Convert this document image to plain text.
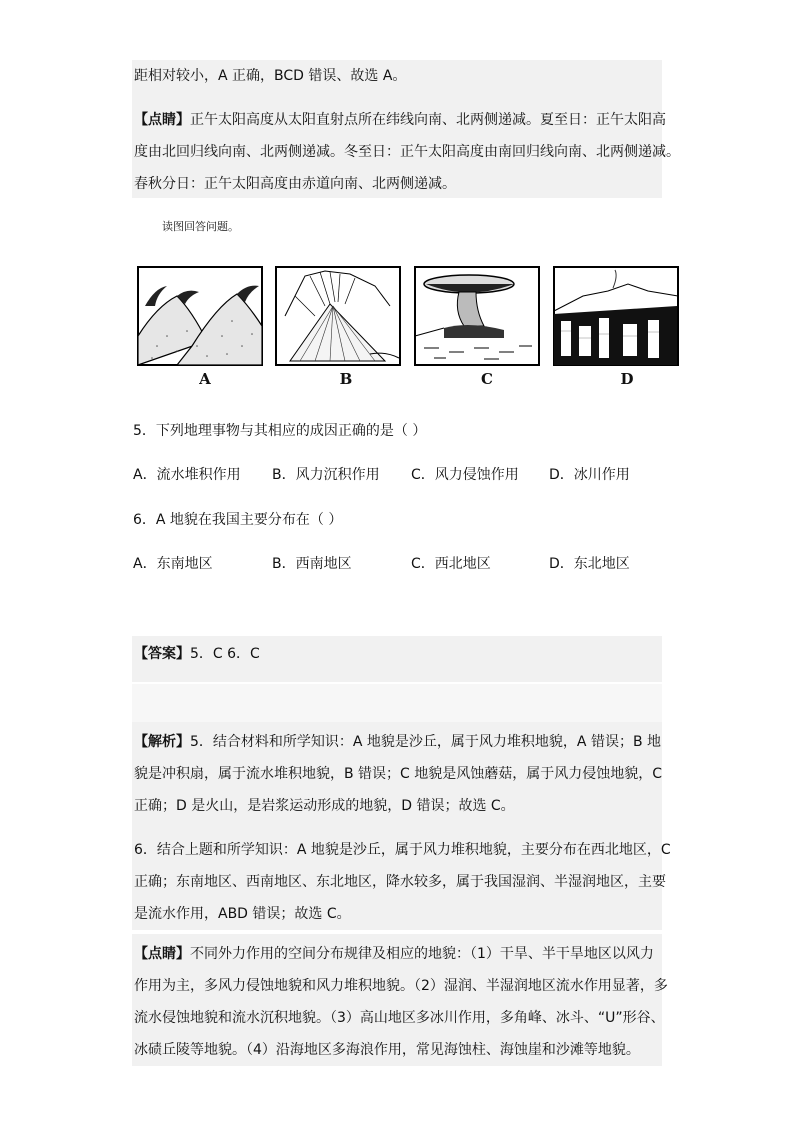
距相对较小，A 正确，BCD 错误、故选 A。
【点睛】正午太阳高度从太阳直射点所在纬线向南、北两侧递减。夏至日：正午太阳高
度由北回归线向南、北两侧递减。冬至日：正午太阳高度由南回归线向南、北两侧递减。
春秋分日：正午太阳高度由赤道向南、北两侧递减。
读图回答问题。
A	B	C	D
5．下列地理事物与其相应的成因正确的是（ ）
A．流水堆积作用 B．风力沉积作用 C．风力侵蚀作用 D．冰川作用
6．A 地貌在我国主要分布在（ ）
A．东南地区	B．西南地区	C．西北地区	D．东北地区
【答案】5．C 6．C
【解析】5．结合材料和所学知识：A 地貌是沙丘，属于风力堆积地貌，A 错误；B 地
貌是冲积扇，属于流水堆积地貌，B 错误；C 地貌是风蚀蘑菇，属于风力侵蚀地貌，C
正确；D 是火山，是岩浆运动形成的地貌，D 错误；故选 C。
6．结合上题和所学知识：A 地貌是沙丘，属于风力堆积地貌，主要分布在西北地区，C
正确；东南地区、西南地区、东北地区，降水较多，属于我国湿润、半湿润地区，主要
是流水作用，ABD 错误；故选 C。
【点睛】不同外力作用的空间分布规律及相应的地貌：（1）干旱、半干旱地区以风力
作用为主，多风力侵蚀地貌和风力堆积地貌。（2）湿润、半湿润地区流水作用显著，多
流水侵蚀地貌和流水沉积地貌。（3）高山地区多冰川作用，多角峰、冰斗、“U”形谷、
冰碛丘陵等地貌。（4）沿海地区多海浪作用，常见海蚀柱、海蚀崖和沙滩等地貌。
